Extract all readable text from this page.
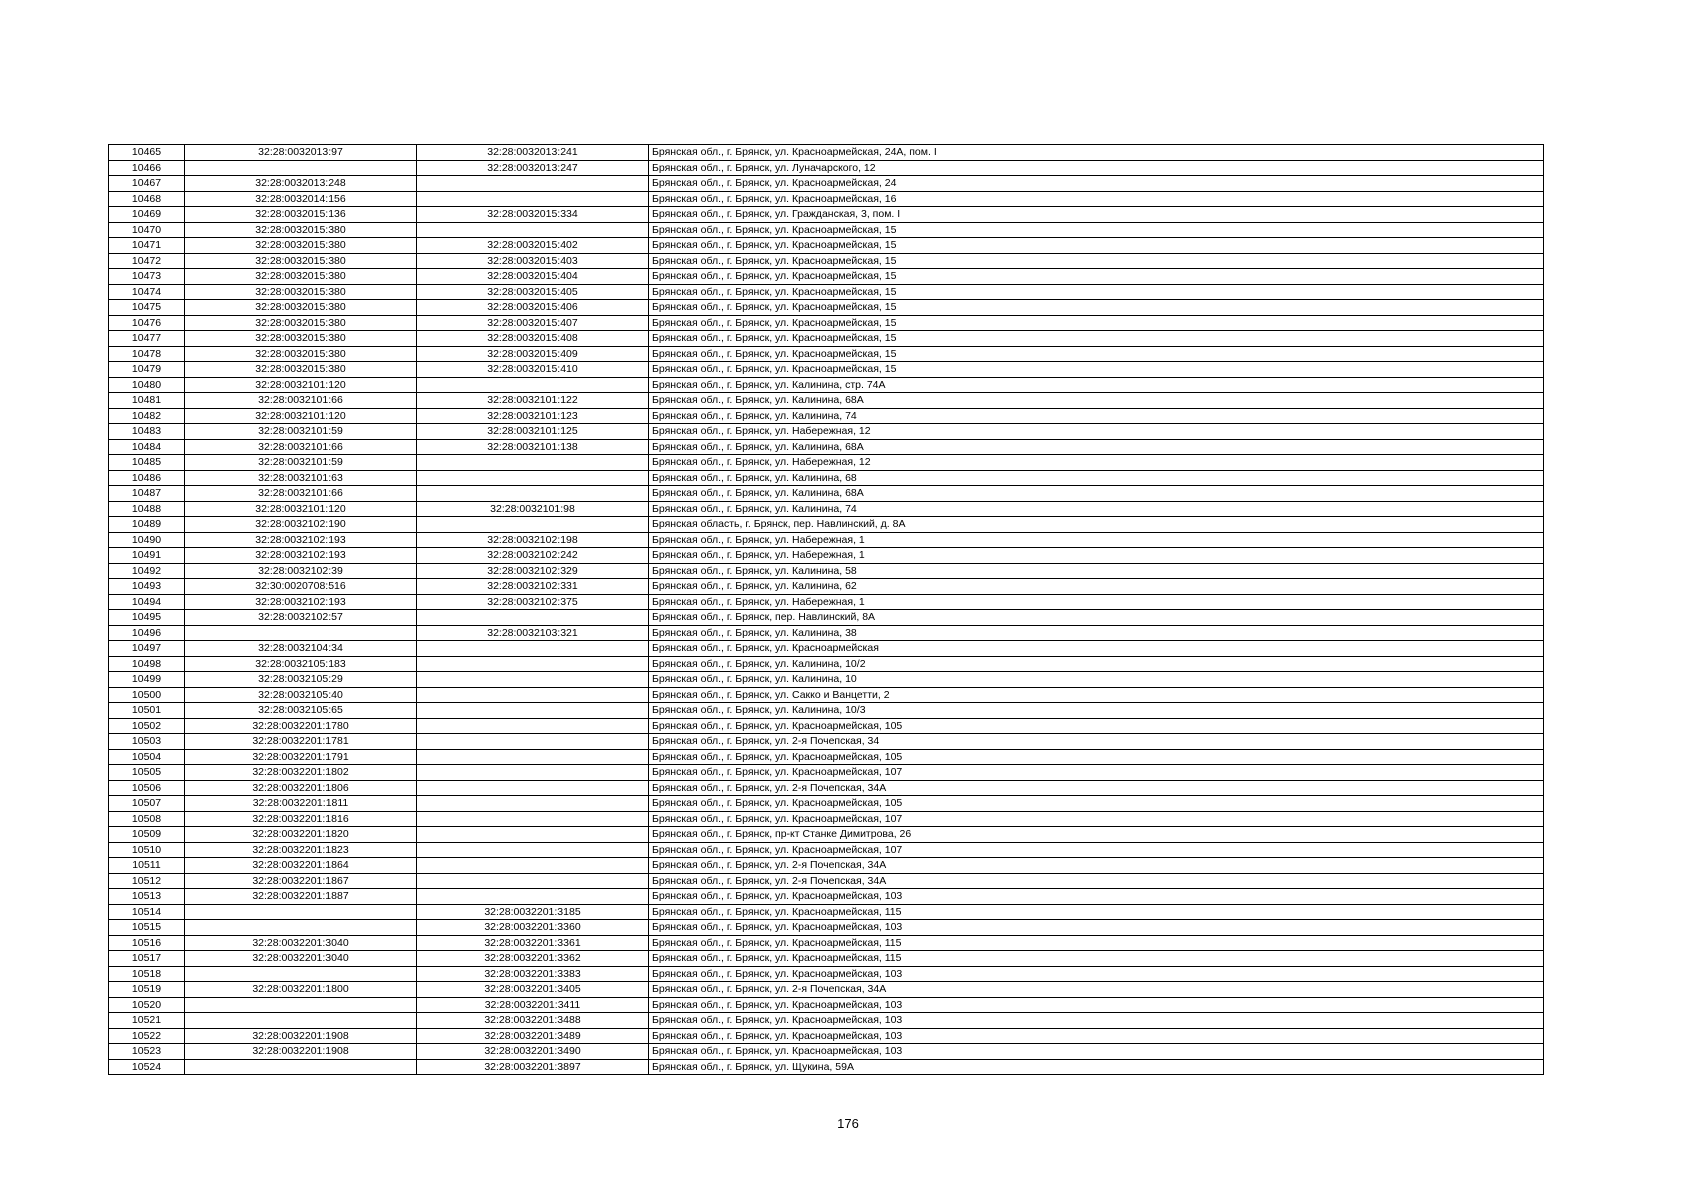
10465	32:28:0032013:97	32:28:0032013:241	Брянская обл., г. Брянск, ул. Красноармейская, 24А, пом. I
10466		32:28:0032013:247	Брянская обл., г. Брянск, ул. Луначарского, 12
10467	32:28:0032013:248		Брянская обл., г. Брянск, ул. Красноармейская, 24
10468	32:28:0032014:156		Брянская обл., г. Брянск, ул. Красноармейская, 16
10469	32:28:0032015:136	32:28:0032015:334	Брянская обл., г. Брянск, ул. Гражданская, 3, пом. I
10470	32:28:0032015:380		Брянская обл., г. Брянск, ул. Красноармейская, 15
10471	32:28:0032015:380	32:28:0032015:402	Брянская обл., г. Брянск, ул. Красноармейская, 15
10472	32:28:0032015:380	32:28:0032015:403	Брянская обл., г. Брянск, ул. Красноармейская, 15
10473	32:28:0032015:380	32:28:0032015:404	Брянская обл., г. Брянск, ул. Красноармейская, 15
10474	32:28:0032015:380	32:28:0032015:405	Брянская обл., г. Брянск, ул. Красноармейская, 15
10475	32:28:0032015:380	32:28:0032015:406	Брянская обл., г. Брянск, ул. Красноармейская, 15
10476	32:28:0032015:380	32:28:0032015:407	Брянская обл., г. Брянск, ул. Красноармейская, 15
10477	32:28:0032015:380	32:28:0032015:408	Брянская обл., г. Брянск, ул. Красноармейская, 15
10478	32:28:0032015:380	32:28:0032015:409	Брянская обл., г. Брянск, ул. Красноармейская, 15
10479	32:28:0032015:380	32:28:0032015:410	Брянская обл., г. Брянск, ул. Красноармейская, 15
10480	32:28:0032101:120		Брянская обл., г. Брянск, ул. Калинина, стр. 74А
10481	32:28:0032101:66	32:28:0032101:122	Брянская обл., г. Брянск, ул. Калинина, 68А
10482	32:28:0032101:120	32:28:0032101:123	Брянская обл., г. Брянск, ул. Калинина, 74
10483	32:28:0032101:59	32:28:0032101:125	Брянская обл., г. Брянск, ул. Набережная, 12
10484	32:28:0032101:66	32:28:0032101:138	Брянская обл., г. Брянск, ул. Калинина, 68А
10485	32:28:0032101:59		Брянская обл., г. Брянск, ул. Набережная, 12
10486	32:28:0032101:63		Брянская обл., г. Брянск, ул. Калинина, 68
10487	32:28:0032101:66		Брянская обл., г. Брянск, ул. Калинина, 68А
10488	32:28:0032101:120	32:28:0032101:98	Брянская обл., г. Брянск, ул. Калинина, 74
10489	32:28:0032102:190		Брянская область, г. Брянск, пер. Навлинский, д. 8А
10490	32:28:0032102:193	32:28:0032102:198	Брянская обл., г. Брянск, ул. Набережная, 1
10491	32:28:0032102:193	32:28:0032102:242	Брянская обл., г. Брянск, ул. Набережная, 1
10492	32:28:0032102:39	32:28:0032102:329	Брянская обл., г. Брянск, ул. Калинина, 58
10493	32:30:0020708:516	32:28:0032102:331	Брянская обл., г. Брянск, ул. Калинина, 62
10494	32:28:0032102:193	32:28:0032102:375	Брянская обл., г. Брянск, ул. Набережная, 1
10495	32:28:0032102:57		Брянская обл., г. Брянск, пер. Навлинский, 8А
10496		32:28:0032103:321	Брянская обл., г. Брянск, ул. Калинина, 38
10497	32:28:0032104:34		Брянская обл., г. Брянск, ул. Красноармейская
10498	32:28:0032105:183		Брянская обл., г. Брянск, ул. Калинина, 10/2
10499	32:28:0032105:29		Брянская обл., г. Брянск, ул. Калинина, 10
10500	32:28:0032105:40		Брянская обл., г. Брянск, ул. Сакко и Ванцетти, 2
10501	32:28:0032105:65		Брянская обл., г. Брянск, ул. Калинина, 10/3
10502	32:28:0032201:1780		Брянская обл., г. Брянск, ул. Красноармейская, 105
10503	32:28:0032201:1781		Брянская обл., г. Брянск, ул. 2-я Почепская, 34
10504	32:28:0032201:1791		Брянская обл., г. Брянск, ул. Красноармейская, 105
10505	32:28:0032201:1802		Брянская обл., г. Брянск, ул. Красноармейская, 107
10506	32:28:0032201:1806		Брянская обл., г. Брянск, ул. 2-я Почепская, 34А
10507	32:28:0032201:1811		Брянская обл., г. Брянск, ул. Красноармейская, 105
10508	32:28:0032201:1816		Брянская обл., г. Брянск, ул. Красноармейская, 107
10509	32:28:0032201:1820		Брянская обл., г. Брянск, пр-кт Станке Димитрова, 26
10510	32:28:0032201:1823		Брянская обл., г. Брянск, ул. Красноармейская, 107
10511	32:28:0032201:1864		Брянская обл., г. Брянск, ул. 2-я Почепская, 34А
10512	32:28:0032201:1867		Брянская обл., г. Брянск, ул. 2-я Почепская, 34А
10513	32:28:0032201:1887		Брянская обл., г. Брянск, ул. Красноармейская, 103
10514		32:28:0032201:3185	Брянская обл., г. Брянск, ул. Красноармейская, 115
10515		32:28:0032201:3360	Брянская обл., г. Брянск, ул. Красноармейская, 103
10516	32:28:0032201:3040	32:28:0032201:3361	Брянская обл., г. Брянск, ул. Красноармейская, 115
10517	32:28:0032201:3040	32:28:0032201:3362	Брянская обл., г. Брянск, ул. Красноармейская, 115
10518		32:28:0032201:3383	Брянская обл., г. Брянск, ул. Красноармейская, 103
10519	32:28:0032201:1800	32:28:0032201:3405	Брянская обл., г. Брянск, ул. 2-я Почепская, 34А
10520		32:28:0032201:3411	Брянская обл., г. Брянск, ул. Красноармейская, 103
10521		32:28:0032201:3488	Брянская обл., г. Брянск, ул. Красноармейская, 103
10522	32:28:0032201:1908	32:28:0032201:3489	Брянская обл., г. Брянск, ул. Красноармейская, 103
10523	32:28:0032201:1908	32:28:0032201:3490	Брянская обл., г. Брянск, ул. Красноармейская, 103
10524		32:28:0032201:3897	Брянская обл., г. Брянск, ул. Щукина, 59А
176
